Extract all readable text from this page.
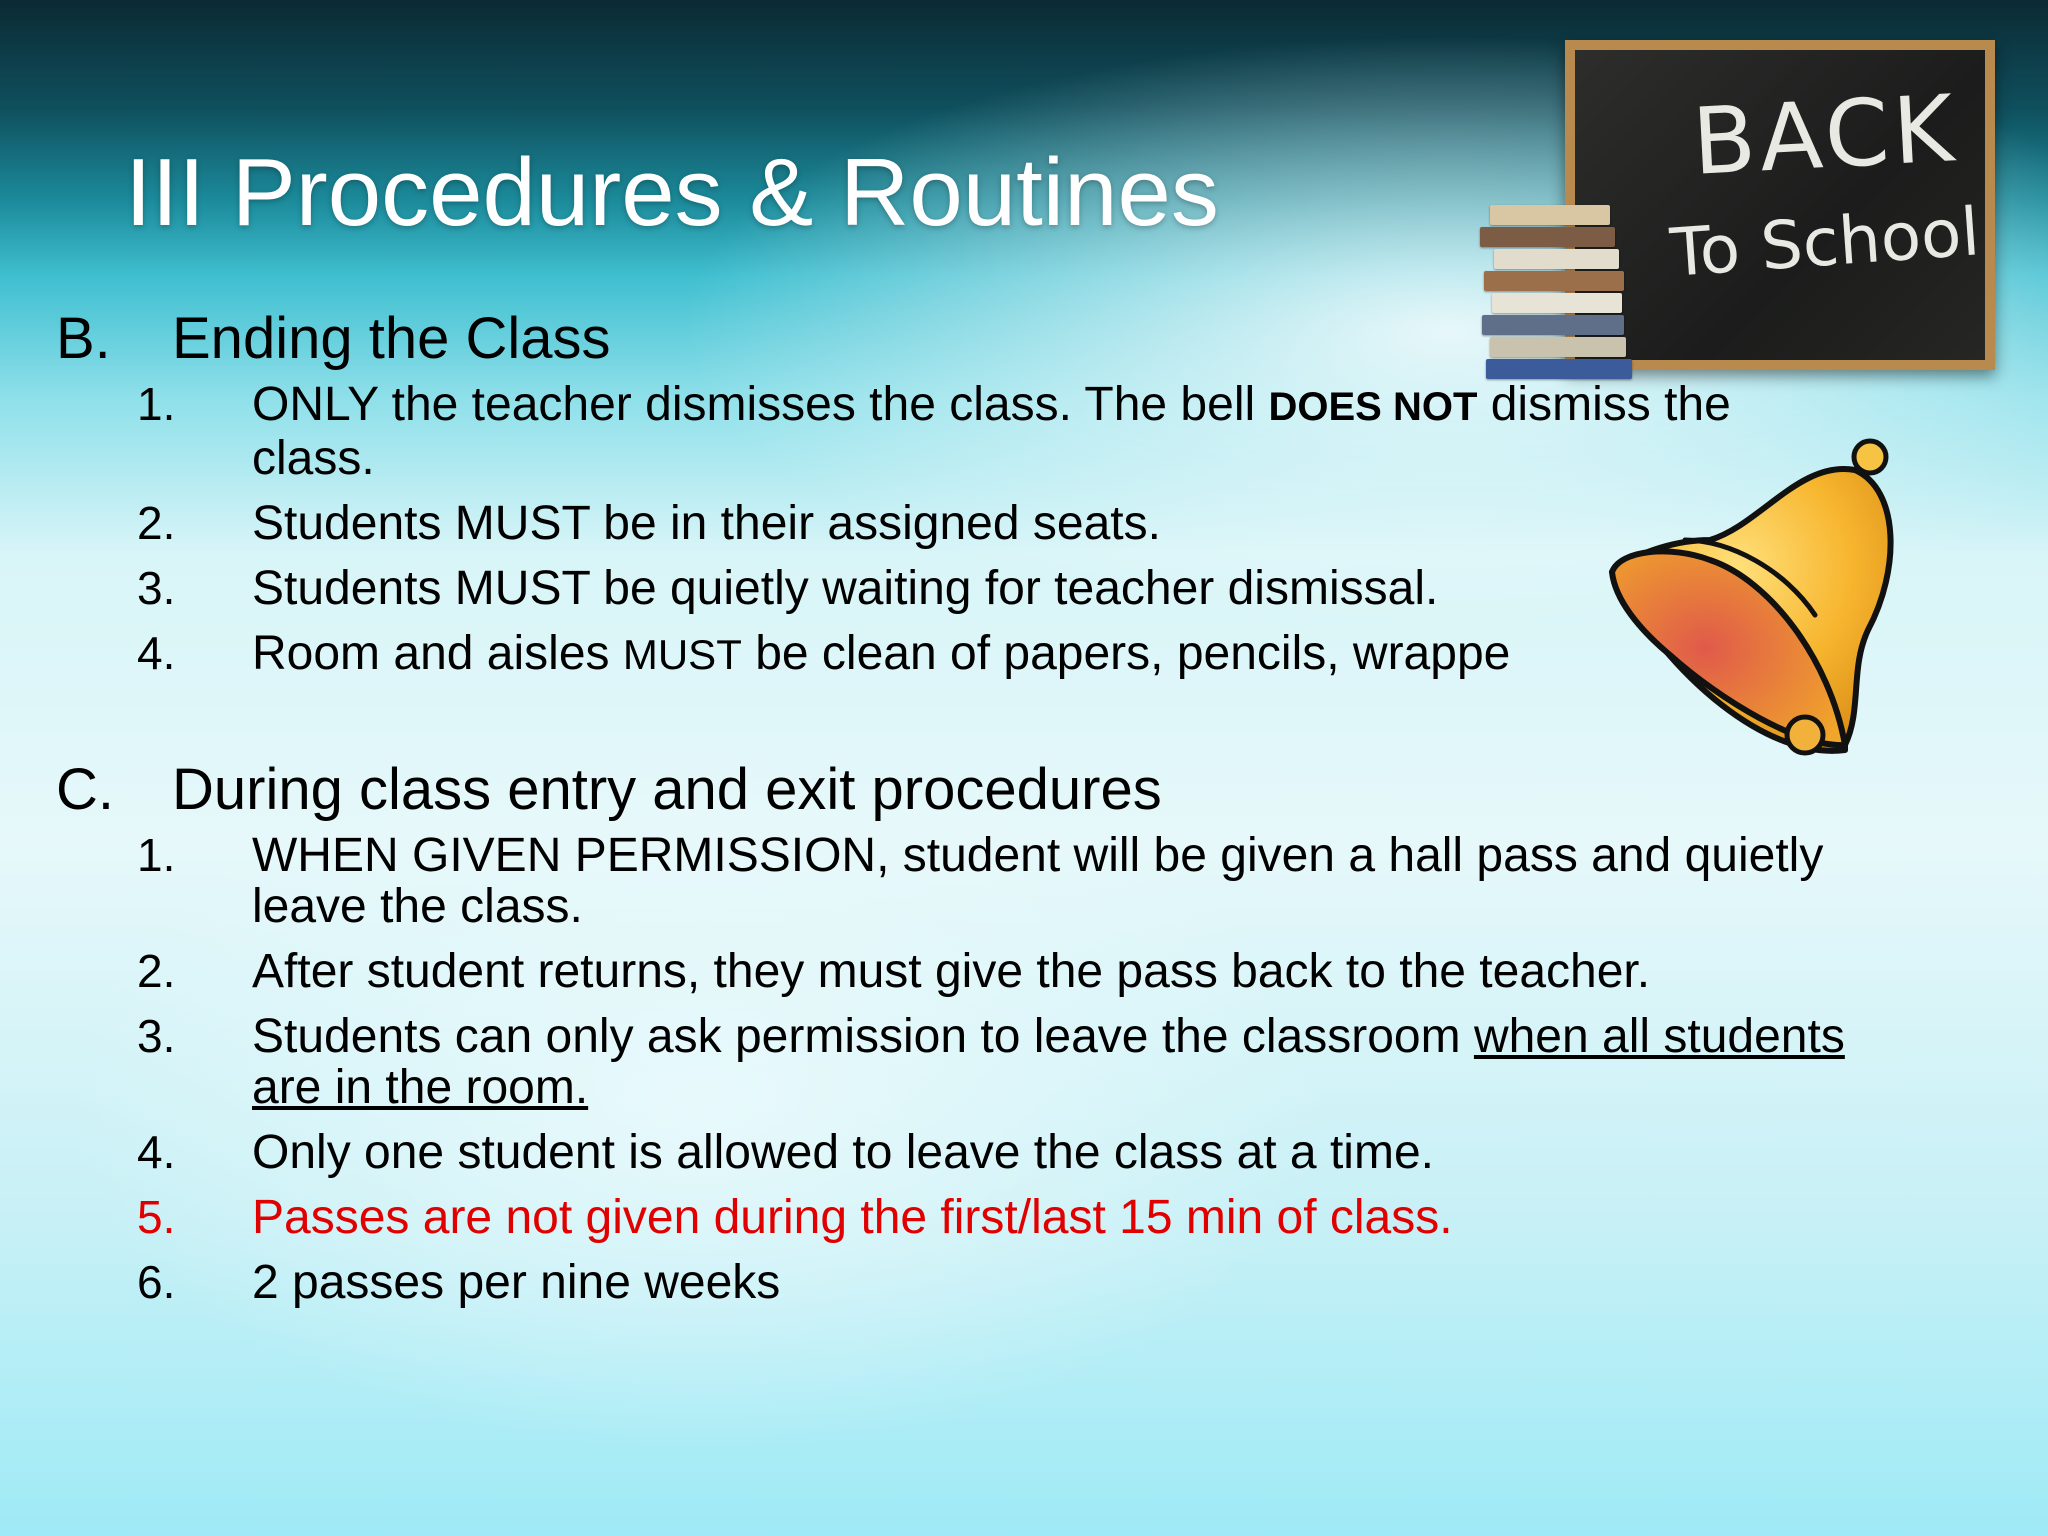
III Procedures & Routines	BACK
To School
B. Ending the Class
1. ONLY the teacher dismisses the class. The bell DOES NOT dismiss the class.
2. Students MUST be in their assigned seats.
3. Students MUST be quietly waiting for teacher dismissal.
4. Room and aisles MUST be clean of papers, pencils, wrappe
C. During class entry and exit procedures
1. WHEN GIVEN PERMISSION, student will be given a hall pass and quietly leave the class.
2. After student returns, they must give the pass back to the teacher.
3. Students can only ask permission to leave the classroom when all students are in the room.
4. Only one student is allowed to leave the class at a time.
5. Passes are not given during the first/last 15 min of class.
6. 2 passes per nine weeks
